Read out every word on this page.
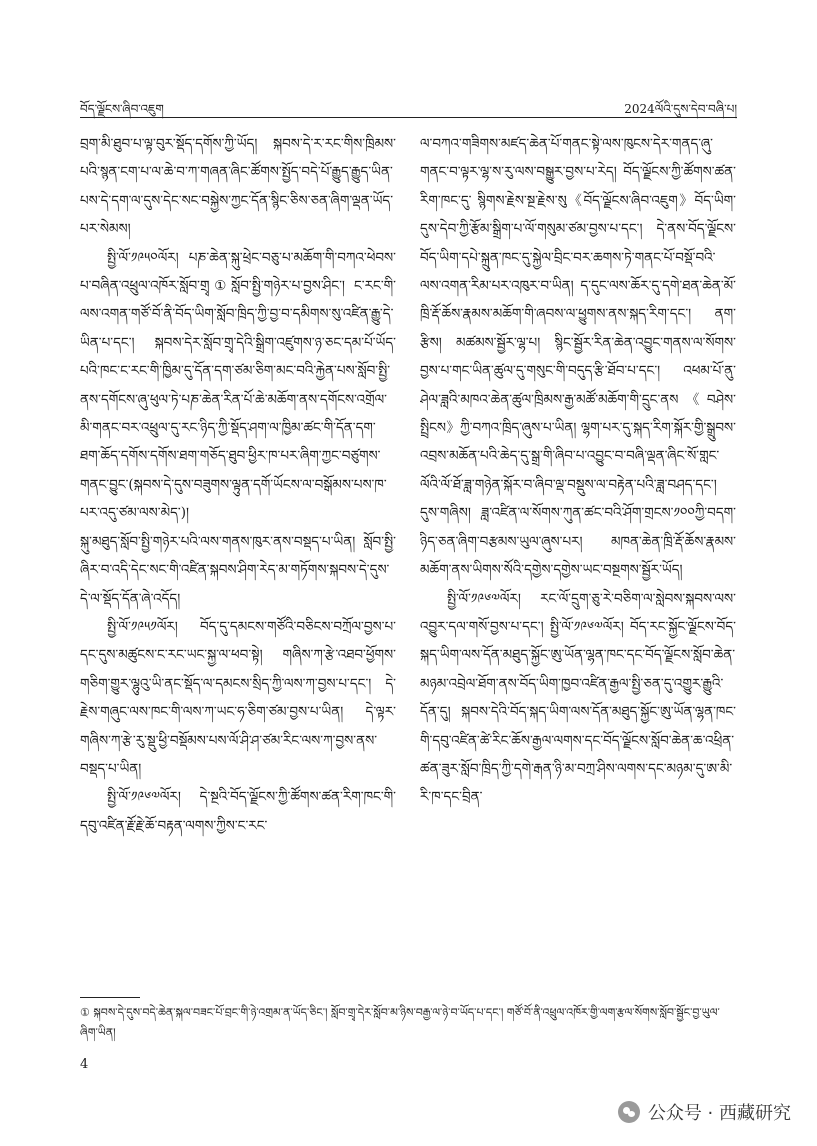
བོད་ལྗོངས་ཞིབ་འཇུག	2024ལོའི་དུས་དེབ་བཞི་པ།

བྲག་མི་ཐུབ་པ་ལྟ་བུར་སྡོད་དགོས་ཀྱི་ཡོད། སྐབས་དེ་ར་རང་གིས་ཁྲིམས་པའི་སྙན་ངག་པ་ལ་ཆེ་བ་ཀ་གཞན་ཞིང་ཚོགས་སྤྱོད་བདེ་པོ་རྒྱུད་རྒྱུད་ཡིན་པས་དེ་དག་ལ་དུས་དེང་སང་བསྐྱེས་ཀྱང་དོན་སྙིང་ཅིས་ཅན་ཞིག་ལྡན་ཡོད་པར་སེམས།

སྤྱི་ལོ་༡༩༥༠ལོར། པཎ་ཆེན་སྐུ་ཕྲེང་བཅུ་པ་མཆོག་གི་བཀའ་ཕེབས་པ་བཞིན་འཕྲུལ་འཁོར་སློབ་གྲྭ①སློབ་སྤྱི་གཉེར་པ་བྱས་ཤིང་། ང་རང་གི་ལས་འགན་གཙོ་བོ་ནི་བོད་ཡིག་སློབ་ཁྲིད་ཀྱི་བྱ་བ་དམིགས་སུ་འཛིན་རྒྱུ་དེ་ཡིན་པ་དང་། སྐབས་དེར་སློབ་གྲྭ་དེའི་སྒྲིག་འཛུགས་ཉ་ཅང་དམ་པོ་ཡོད་པའི་ཁང་ང་རང་གི་ཁྱིམ་དུ་དོན་དག་ཙམ་ཅིག་མང་བའི་རྐྱེན་པས་སློབ་སྤྱི་ནས་དགོངས་ཞུ་ཕུལ་ཏེ་པཎ་ཆེན་རིན་པོ་ཆེ་མཆོག་ནས་དགོངས་འགྲོལ་མི་གནང་བར་འཕྲུལ་དུ་རང་ཉིད་ཀྱི་སྡོད་ཤག་ལ་ཁྱིམ་ཚང་གི་དོན་དག་ཐག་ཆོད་དགོས་དགོས་ཐག་གཅོད་ཐུབ་ཕྱིར་ཁ་པར་ཞིག་ཀྱང་བཙུགས་གནང་བྱུང་(སྐབས་དེ་དུས་བཟུགས་ལྟུན་དགོ་ཡོངས་ལ་བསྒོམས་པས་ཁ་པར་འདུ་ཙམ་ལས་མེད་)།

སྐུ་མཐུད་སློབ་སྤྱི་གཉེར་པའི་ལས་གནས་ཁུར་ནས་བསྡད་པ་ཡིན། སློབ་སྤྱི་ཞིར་བ་འདི་དེང་སང་གི་འཛིན་སྐབས་ཤིག་རེད་མ་གཏོགས་སྐབས་དེ་དུས་དེ་ལ་སྡོད་དོན་ཞེ་འདོད།

སྤྱི་ལོ་༡༩༥༡ལོར། བོད་དུ་དམངས་གཙོའི་བཅིངས་བཀྲོལ་བྱས་པ་དང་དུས་མཚུངས་ང་རང་ཡང་སྐྱ་ལ་ཕབ་སྟེ། གཞིས་ཀ་རྩེ་འཐབ་ཕྱོགས་གཅིག་གྱུར་ལྷུའུ་ཡི་ནང་སྡོད་ལ་དམངས་སྲིད་ཀྱི་ལས་ཀ་བྱས་པ་དང་། དེ་རྗེས་གཞུང་ལས་ཁང་གི་ལས་ཀ་ཡང་ཧ་ཅིག་ཙམ་བྱས་པ་ཡིན། དེ་ལྟར་གཞིས་ཀ་རྩེ་རུ་སྡུ་ཕྱི་བསྡོམས་པས་ལོ་ཤི་ཤ་ཙམ་རིང་ལས་ཀ་བྱས་ནས་བསྡད་པ་ཡིན།

སྤྱི་ལོ་༡༩༦༧ལོར། དེ་སྔའི་བོད་ལྗོངས་ཀྱི་ཚོགས་ཚན་རིག་ཁང་གི་དབུ་འཛིན་རྗོ་རྗེ་ཆོ་བརྟན་ལགས་ཀྱིས་ང་རང་

ལ་བཀའ་གཟིགས་མཛད་ཆེན་པོ་གནང་སྟེ་ལས་ཁུངས་དེར་གནད་ཞུ་གནང་བ་ལྟར་ལྷ་ས་རུ་ལས་བསྒྱུར་བྱས་པ་རེད། བོད་ལྗོངས་ཀྱི་ཚོགས་ཚན་རིག་ཁང་དུ་ སྙིགས་རྗེས་སྔ་རྗེས་སུ《བོད་ལྗོངས་ཞིབ་འཇུག》བོད་ཡིག་དུས་དེབ་ཀྱི་རྩོམ་སྒྲིག་པ་ལོ་གསུམ་ཙམ་བྱས་པ་དང་། དེ་ནས་བོད་ལྗོངས་བོད་ཡིག་དཔེ་སྐྲུན་ཁང་དུ་སྐྱེལ་བྲིང་བར་ཆགས་ཏེ་གནང་པོ་བསྡོ་བའི་ལས་འགན་རིམ་པར་འཁུར་བ་ཡིན། ད་དུང་ལས་ཆོར་དུ་དགེ་ཐན་ཆེན་མོ་ཁྲི་རྡོ་ཆོས་རྣམས་མཆོག་གི་ཞབས་ལ་ཕྱུགས་ནས་སྐད་རིག་དང་། ནག་རྩིས། མཚམས་སྦྱོར་ལྷ་པ། སྙིང་སྦྱོར་རིན་ཆེན་འབྱུང་གནས་ལ་སོགས་བྱས་པ་གང་ཡིན་ཚུལ་དུ་གསུང་གི་བདུད་རྩི་ཐོབ་པ་དང་། འཕམ་པོ་ནུ་ཤེལ་ཟླའི་མཁའ་ཆེན་ཚུལ་ཁྲིམས་རྒྱ་མཚོ་མཆོག་གི་དྲུང་ནས《བཤེས་སྤྲིངས》ཀྱི་བཀའ་ཁྲིད་ཞུས་པ་ཡིན། ལྷག་པར་དུ་སྐད་རིག་སྐོར་གྱི་སྒྲུབས་འབྲས་མཆོན་པའི་ཆེད་དུ་སྒྲ་གི་ཞིབ་པ་འབྱུང་བ་བཞི་ལྡན་ཞིང་སོ་གླང་ལོའི་ལོ་ཐོ་ཟླ་གཉེན་སྐོར་བ་ཞིབ་ལྡ་བསྡུས་ལ་བརྟེན་པའི་ཟླ་བཤད་དང་། དུས་གཞིས། ཟླ་འཛིན་ལ་སོགས་ཀུན་ཚང་བའི་ཤོག་གྲངས་༡༠༠ཀྱི་བདག་ཉིད་ཅན་ཞིག་བརྩམས་ཡུལ་ཞུས་པར། མཁན་ཆེན་ཁྲི་རྡོ་ཆོས་རྣམས་མཆོག་ནས་ཡིགས་སོའི་དགྱེས་དགྱེས་ཡང་བསྔགས་སྦྱོར་ཡོད།

སྤྱི་ལོ་༡༩༦༧ལོར། རང་ལོ་དྲུག་ཅུ་རེ་བཅིག་ལ་སླེབས་སྐབས་ལས་འབྱུར་དལ་གསོ་བྱས་པ་དང་། སྤྱི་ལོ་༡༩༦༧ལོར། བོད་རང་སྐྱོང་ལྗོངས་བོད་སྐད་ཡིག་ལས་དོན་མཐུད་སྐྱོང་ཨུ་ཡོན་ལྷན་ཁང་དང་བོད་ལྗོངས་སློབ་ཆེན་མཉམ་འབྲེལ་ཐོག་ནས་བོད་ཡིག་ཁྱབ་འཛིན་རྒྱལ་སྤྱི་ཅན་དུ་འགྱུར་རྒྱུའི་དོན་དུ། སྐབས་དེའི་བོད་སྐད་ཡིག་ལས་དོན་མཐུད་སྐྱོང་ཨུ་ཡོན་ལྷན་ཁང་གི་དབུ་འཛིན་ཚེ་རིང་ཆོས་རྒྱལ་ལགས་དང་བོད་ལྗོངས་སློབ་ཆེན་ཆ་འཕྲིན་ཚན་ཟུར་སློབ་ཁྲིད་ཀྱི་དགེ་རྒན་ཉི་མ་བཀྲ་ཤིས་ལགས་དང་མཉམ་དུ་ཨ་མི་རི་ཁ་དང་བྲིན་

① སྐབས་དེ་དུས་བདེ་ཆེན་སྐལ་བཟང་པོ་བྲང་གི་ཉེ་འགྲམ་ན་ཡོད་ཅིང་། སློབ་གྲྭ་དེར་སློབ་མ་ཉིས་བརྒྱ་ལ་ཉེ་བ་ཡོད་པ་དང་། གཙོ་བོ་ནི་འཕྲུལ་འཁོར་གྱི་ལག་རྩལ་སོགས་སློབ་སྦྱོང་བྱ་ཡུལ་ཞིག་ཡིན།
4
公众号 · 西藏研究
